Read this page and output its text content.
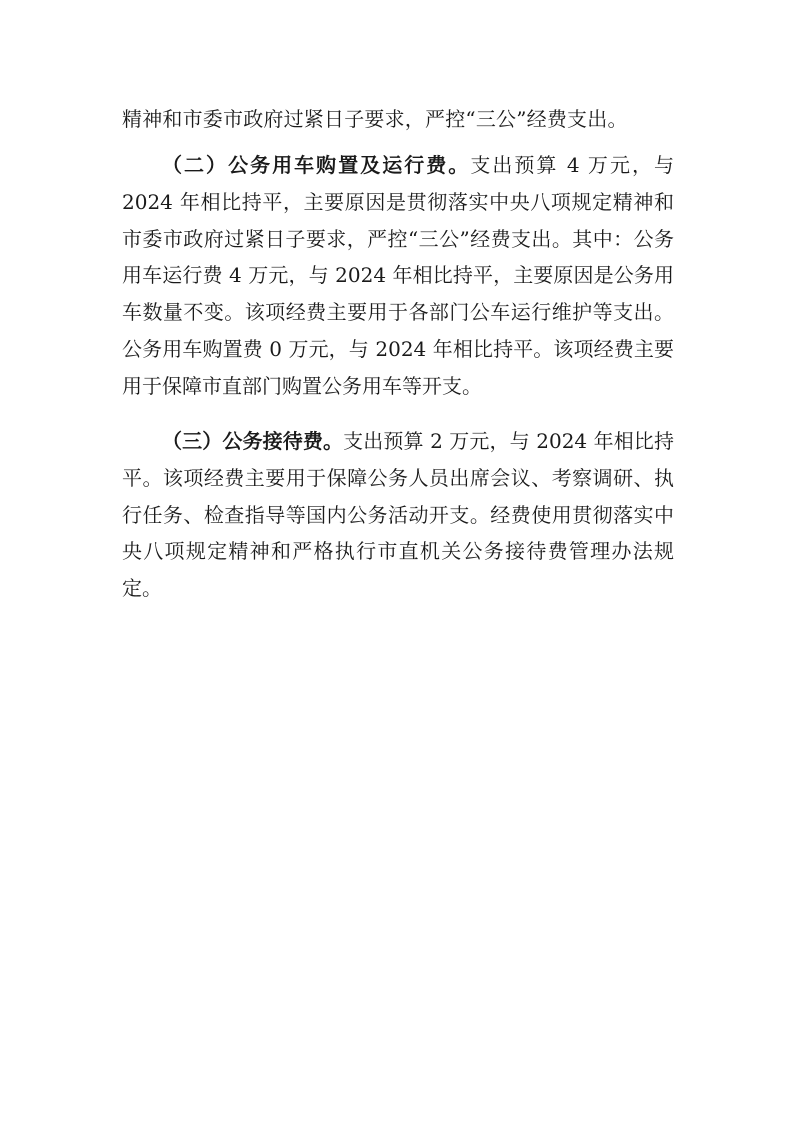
精神和市委市政府过紧日子要求，严控“三公”经费支出。

（二）公务用车购置及运行费。支出预算 4 万元，与 2024 年相比持平，主要原因是贯彻落实中央八项规定精神和市委市政府过紧日子要求，严控“三公”经费支出。其中：公务用车运行费 4 万元，与 2024 年相比持平，主要原因是公务用车数量不变。该项经费主要用于各部门公车运行维护等支出。公务用车购置费 0 万元，与 2024 年相比持平。该项经费主要用于保障市直部门购置公务用车等开支。

（三）公务接待费。支出预算 2 万元，与 2024 年相比持平。该项经费主要用于保障公务人员出席会议、考察调研、执行任务、检查指导等国内公务活动开支。经费使用贯彻落实中央八项规定精神和严格执行市直机关公务接待费管理办法规定。
